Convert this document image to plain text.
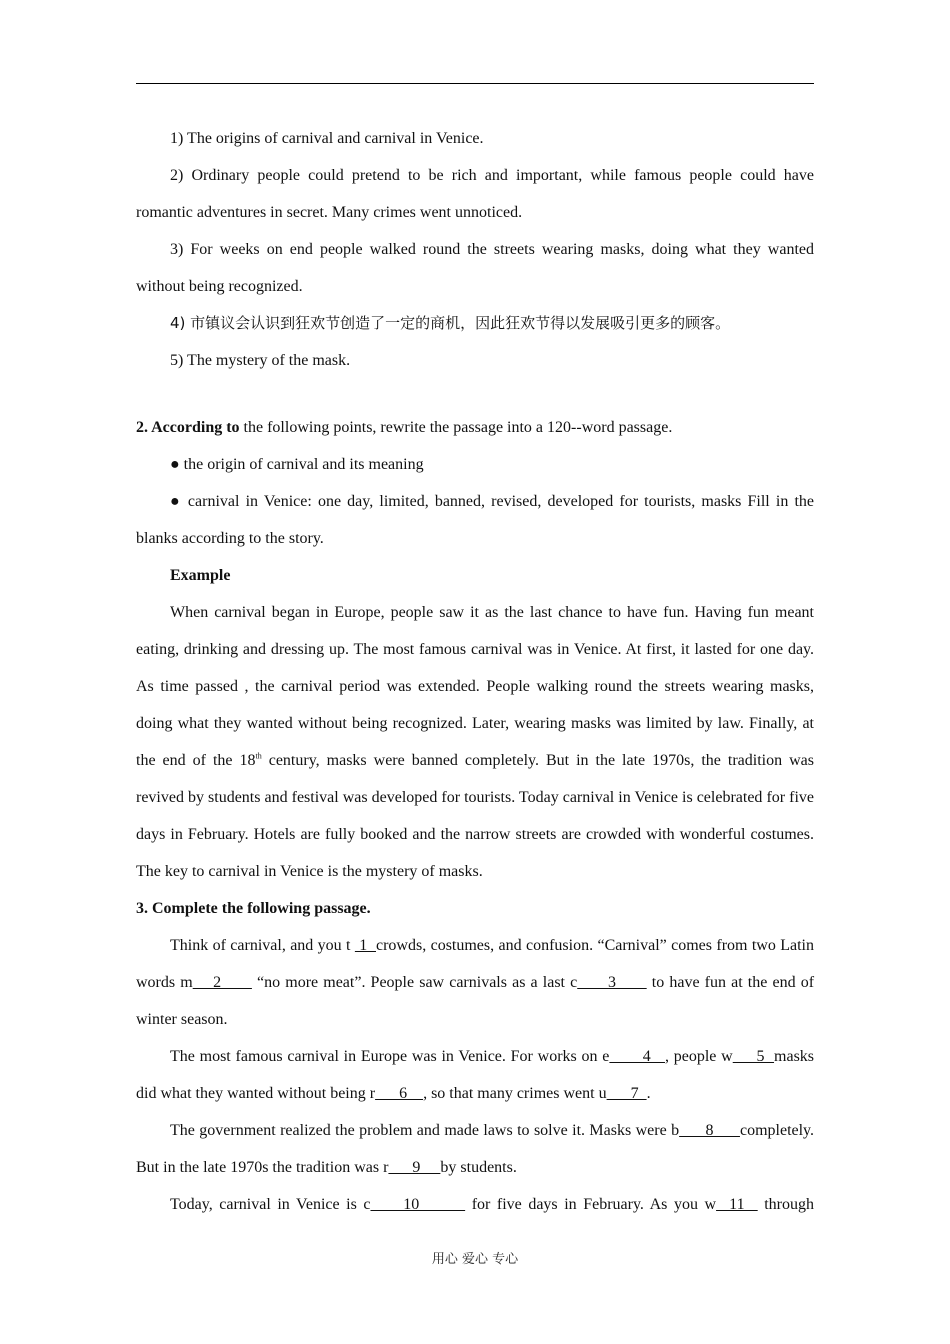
1) The origins of carnival and carnival in Venice.

2) Ordinary people could pretend to be rich and important, while famous people could have romantic adventures in secret. Many crimes went unnoticed.

3) For weeks on end people walked round the streets wearing masks, doing what they wanted without being recognized.

4) 市镇议会认识到狂欢节创造了一定的商机，因此狂欢节得以发展吸引更多的顾客。

5) The mystery of the mask.

2. According to the following points, rewrite the passage into a 120--word passage.

● the origin of carnival and its meaning

● carnival in Venice: one day, limited, banned, revised, developed for tourists, masks Fill in the blanks according to the story.

Example

When carnival began in Europe, people saw it as the last chance to have fun. Having fun meant eating, drinking and dressing up. The most famous carnival was in Venice. At first, it lasted for one day. As time passed , the carnival period was extended. People walking round the streets wearing masks, doing what they wanted without being recognized. Later, wearing masks was limited by law. Finally, at the end of the 18th century, masks were banned completely. But in the late 1970s, the tradition was revived by students and festival was developed for tourists. Today carnival in Venice is celebrated for five days in February. Hotels are fully booked and the narrow streets are crowded with wonderful costumes. The key to carnival in Venice is the mystery of masks.

3. Complete the following passage.

Think of carnival, and you t  1  crowds, costumes, and confusion. “Carnival” comes from two Latin words m    2       “no more meat”. People saw carnivals as a last c      3       to have fun at the end of winter season.

The most famous carnival in Europe was in Venice. For works on e       4   , people w     5  masks did what they wanted without being r      6    , so that many crimes went u      7  .

The government realized the problem and made laws to solve it. Masks were b      8      completely. But in the late 1970s the tradition was r      9     by students.

Today, carnival in Venice is c     10        for five days in February. As you w  11   through

用心 爱心 专心
